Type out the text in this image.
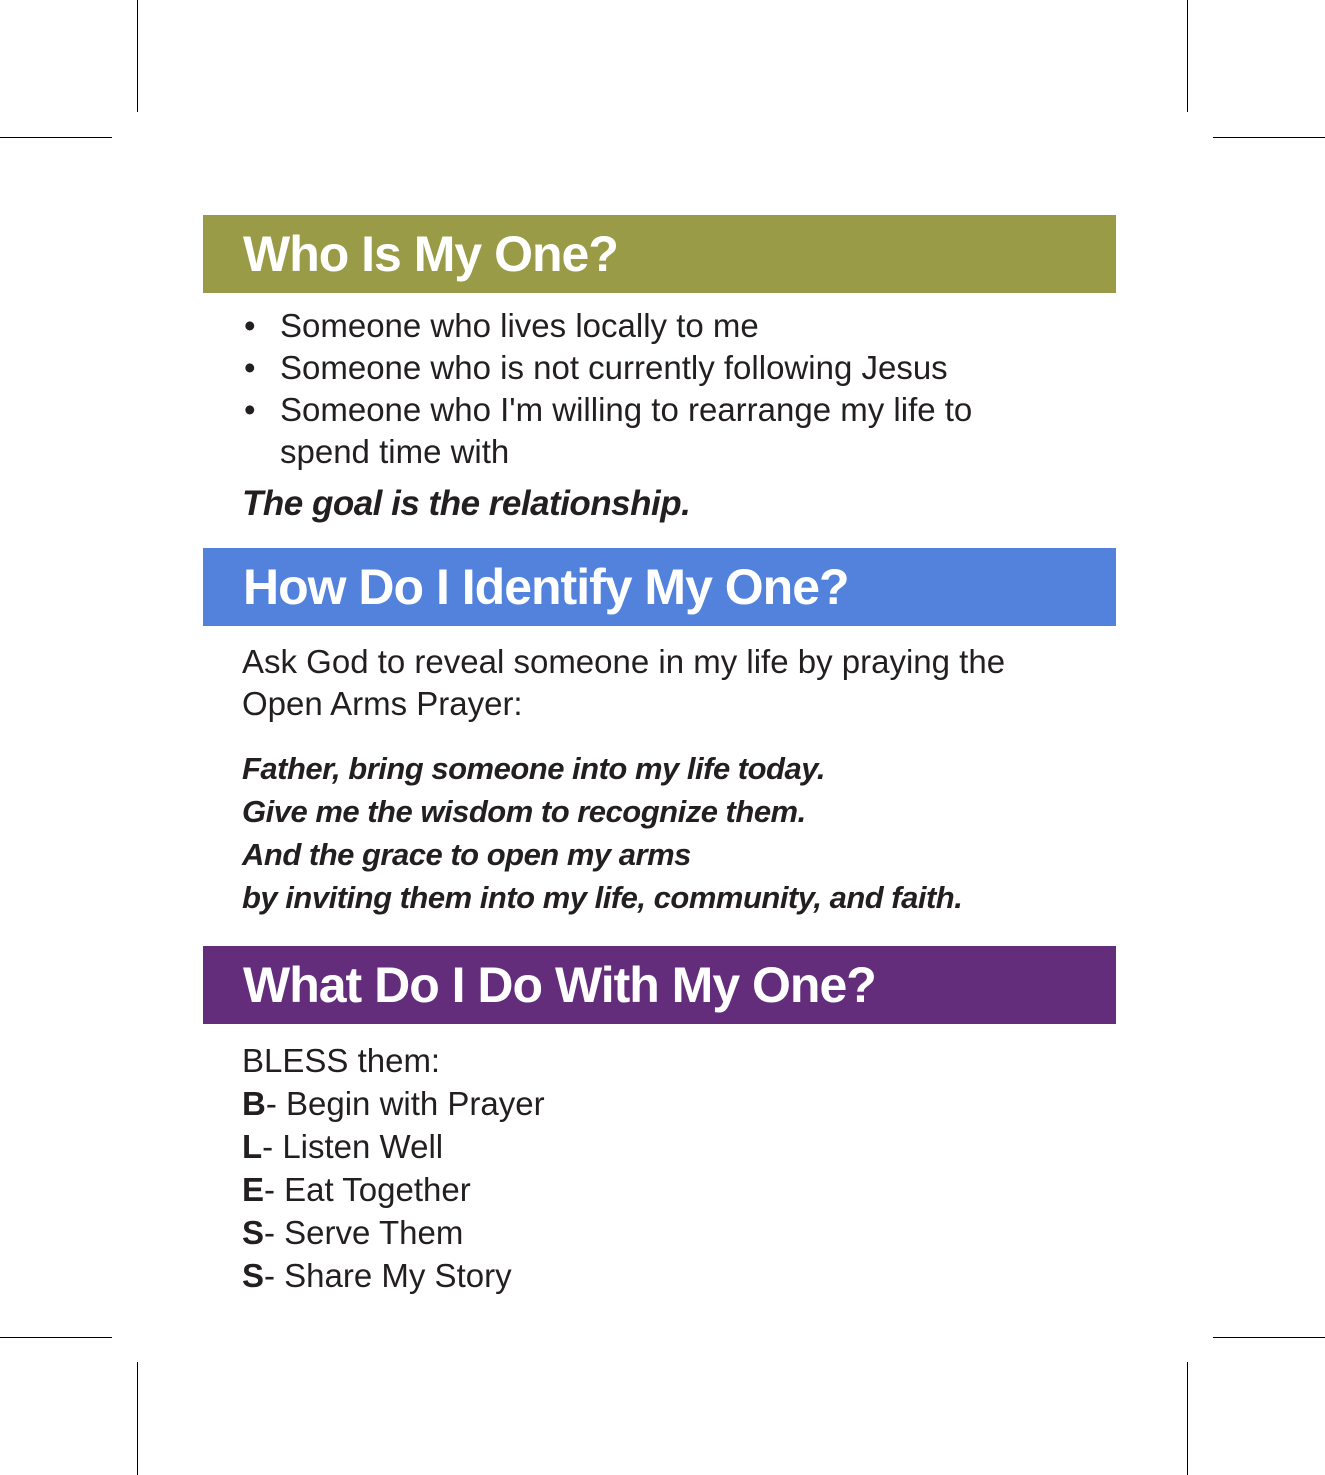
Who Is My One?
• Someone who lives locally to me
• Someone who is not currently following Jesus
• Someone who I'm willing to rearrange my life to spend time with
The goal is the relationship.
How Do I Identify My One?
Ask God to reveal someone in my life by praying the
Open Arms Prayer:
Father, bring someone into my life today.
Give me the wisdom to recognize them.
And the grace to open my arms
by inviting them into my life, community, and faith.
What Do I Do With My One?
BLESS them:
B- Begin with Prayer
L- Listen Well
E- Eat Together
S- Serve Them
S- Share My Story
